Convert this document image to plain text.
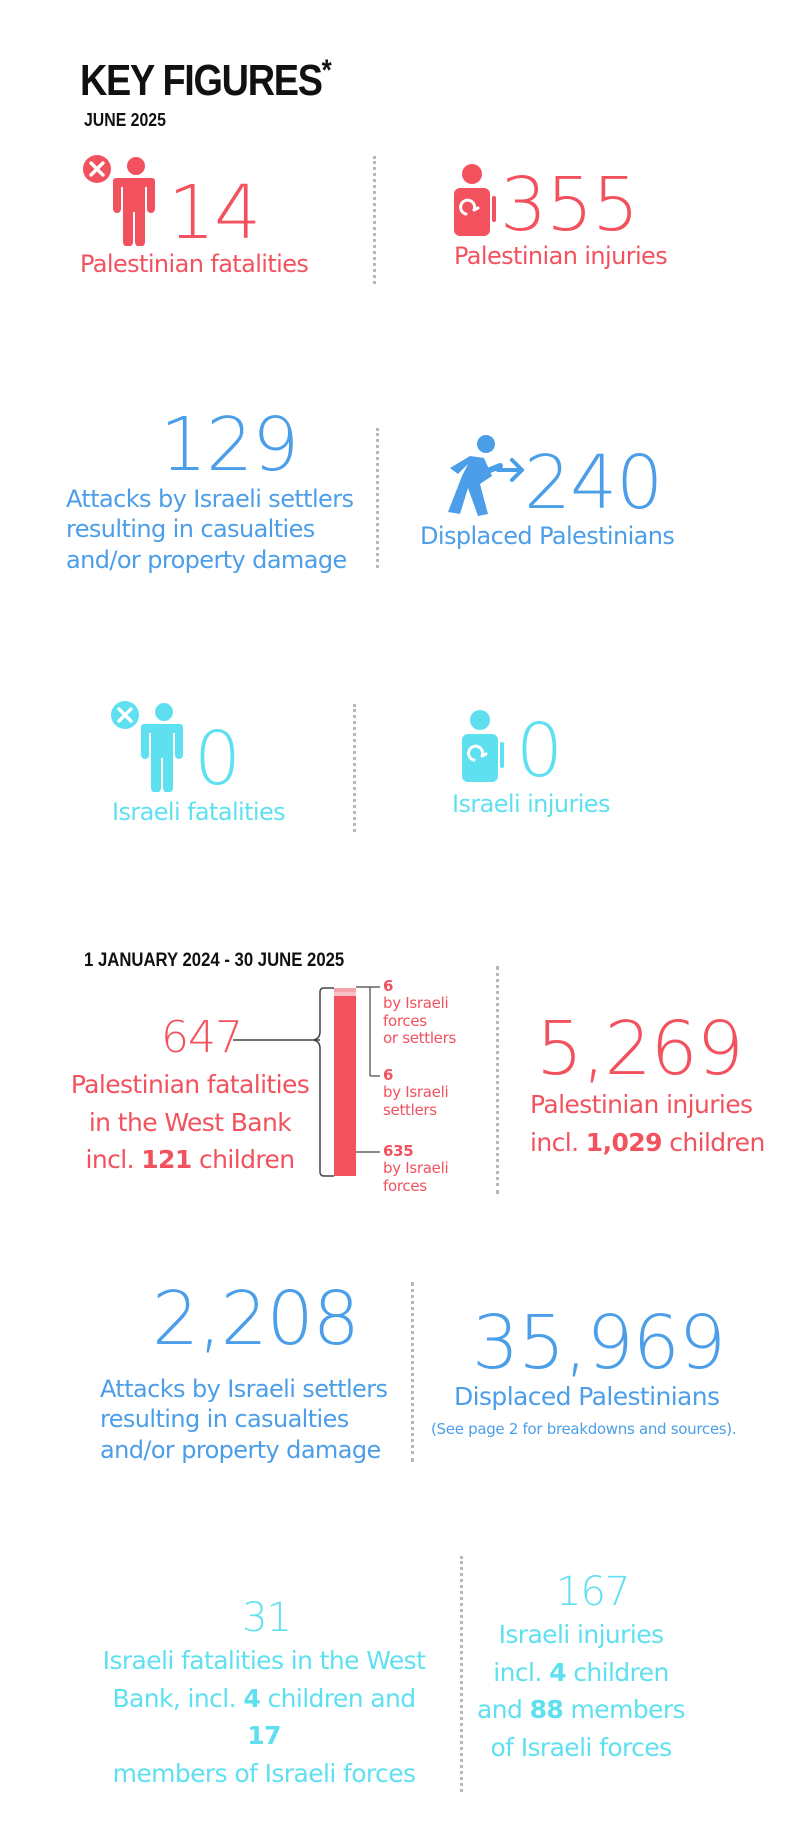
KEY FIGURES*
JUNE 2025
14
Palestinian fatalities
355
Palestinian injuries
129
Attacks by Israeli settlers
resulting in casualties
and/or property damage
240
Displaced Palestinians
0
Israeli fatalities
0
Israeli injuries
1 JANUARY 2024 - 30 JUNE 2025
647
Palestinian fatalities
in the West Bank
incl. 121 children
6
by Israeli
forces
or settlers
6
by Israeli
settlers
635
by Israeli
forces
5,269
Palestinian injuries
incl. 1,029 children
2,208
Attacks by Israeli settlers
resulting in casualties
and/or property damage
35,969
Displaced Palestinians
(See page 2 for breakdowns and sources).
31
Israeli fatalities in the West
Bank, incl. 4 children and 17
members of Israeli forces
167
Israeli injuries
incl. 4 children
and 88 members
of Israeli forces
